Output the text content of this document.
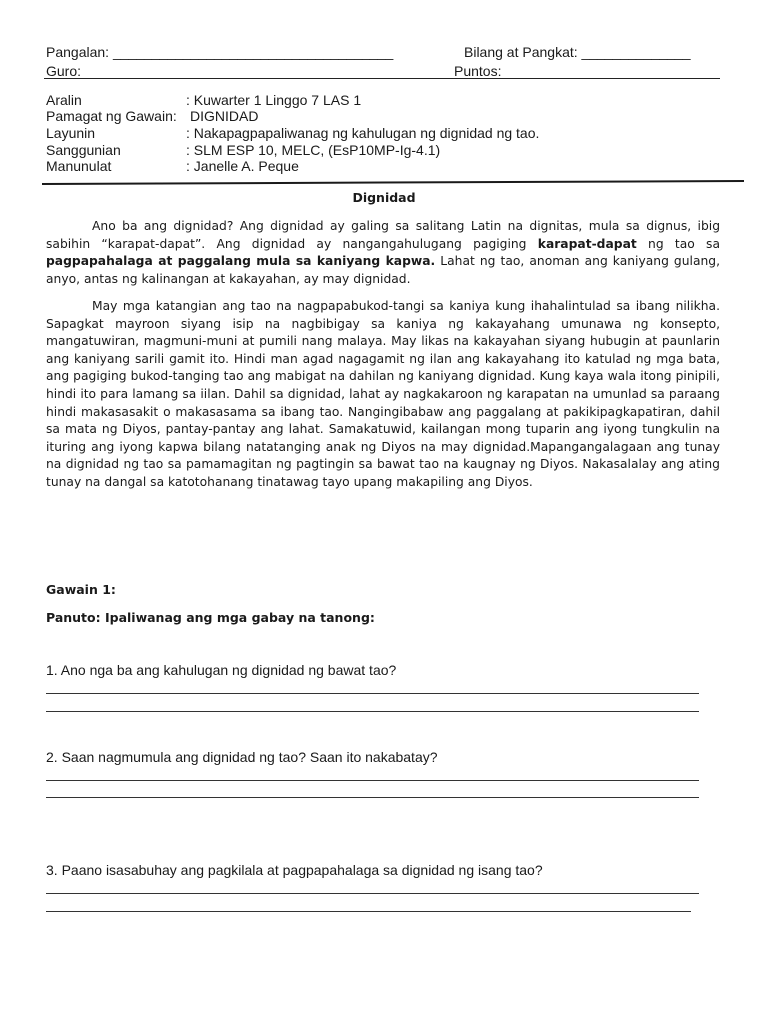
Pangalan: ____________________________________	Bilang at Pangkat: ______________
Guro: __________________________________________	Puntos: ________________
Aralin	: Kuwarter 1 Linggo 7 LAS 1
Pamagat ng Gawain: DIGNIDAD
Layunin	: Nakapagpapaliwanag ng kahulugan ng dignidad ng tao.
Sanggunian	: SLM ESP 10, MELC, (EsP10MP-Ig-4.1)
Manunulat	: Janelle A. Peque
Dignidad

Ano ba ang dignidad? Ang dignidad ay galing sa salitang Latin na dignitas, mula sa dignus, ibig sabihin “karapat-dapat”. Ang dignidad ay nangangahulugang pagiging karapat-dapat ng tao sa pagpapahalaga at paggalang mula sa kaniyang kapwa. Lahat ng tao, anoman ang kaniyang gulang, anyo, antas ng kalinangan at kakayahan, ay may dignidad.

May mga katangian ang tao na nagpapabukod-tangi sa kaniya kung ihahalintulad sa ibang nilikha. Sapagkat mayroon siyang isip na nagbibigay sa kaniya ng kakayahang umunawa ng konsepto, mangatuwiran, magmuni-muni at pumili nang malaya. May likas na kakayahan siyang hubugin at paunlarin ang kaniyang sarili gamit ito. Hindi man agad nagagamit ng ilan ang kakayahang ito katulad ng mga bata, ang pagiging bukod-tanging tao ang mabigat na dahilan ng kaniyang dignidad. Kung kaya wala itong pinipili, hindi ito para lamang sa iilan. Dahil sa dignidad, lahat ay nagkakaroon ng karapatan na umunlad sa paraang hindi makasasakit o makasasama sa ibang tao. Nangingibabaw ang paggalang at pakikipagkapatiran, dahil sa mata ng Diyos, pantay-pantay ang lahat. Samakatuwid, kailangan mong tuparin ang iyong tungkulin na ituring ang iyong kapwa bilang natatanging anak ng Diyos na may dignidad.Mapangangalagaan ang tunay na dignidad ng tao sa pamamagitan ng pagtingin sa bawat tao na kaugnay ng Diyos. Nakasalalay ang ating tunay na dangal sa katotohanang tinatawag tayo upang makapiling ang Diyos.

Gawain 1:
Panuto: Ipaliwanag ang mga gabay na tanong:
1. Ano nga ba ang kahulugan ng dignidad ng bawat tao?
2. Saan nagmumula ang dignidad ng tao? Saan ito nakabatay?
3. Paano isasabuhay ang pagkilala at pagpapahalaga sa dignidad ng isang tao?
